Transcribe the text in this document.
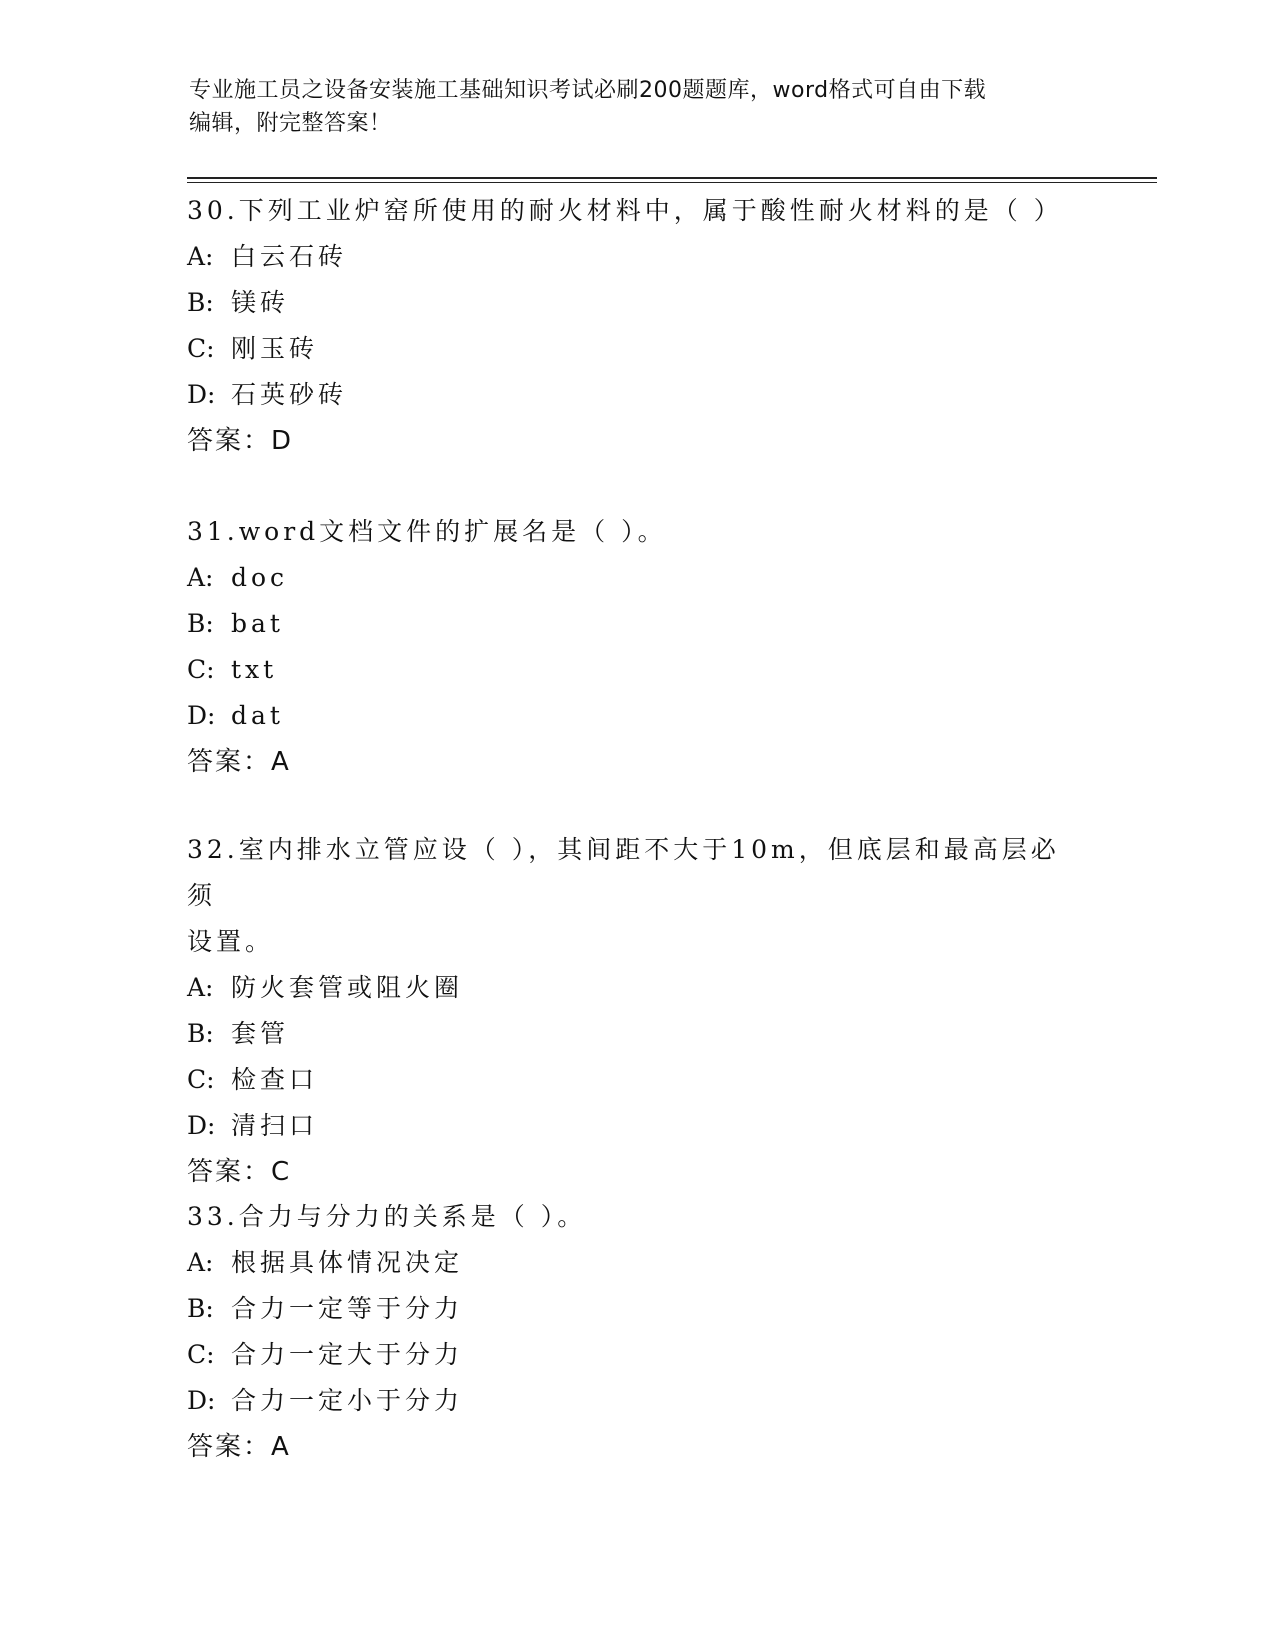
专业施工员之设备安装施工基础知识考试必刷200题题库，word格式可自由下载
编辑，附完整答案！
30.下列工业炉窑所使用的耐火材料中，属于酸性耐火材料的是（ ）
A: 白云石砖
B: 镁砖
C: 刚玉砖
D: 石英砂砖
答案：D
31.word文档文件的扩展名是（ ）。
A: doc
B: bat
C: txt
D: dat
答案：A
32.室内排水立管应设（ ），其间距不大于10m，但底层和最高层必须
设置。
A: 防火套管或阻火圈
B: 套管
C: 检查口
D: 清扫口
答案：C
33.合力与分力的关系是（ ）。
A: 根据具体情况决定
B: 合力一定等于分力
C: 合力一定大于分力
D: 合力一定小于分力
答案：A
